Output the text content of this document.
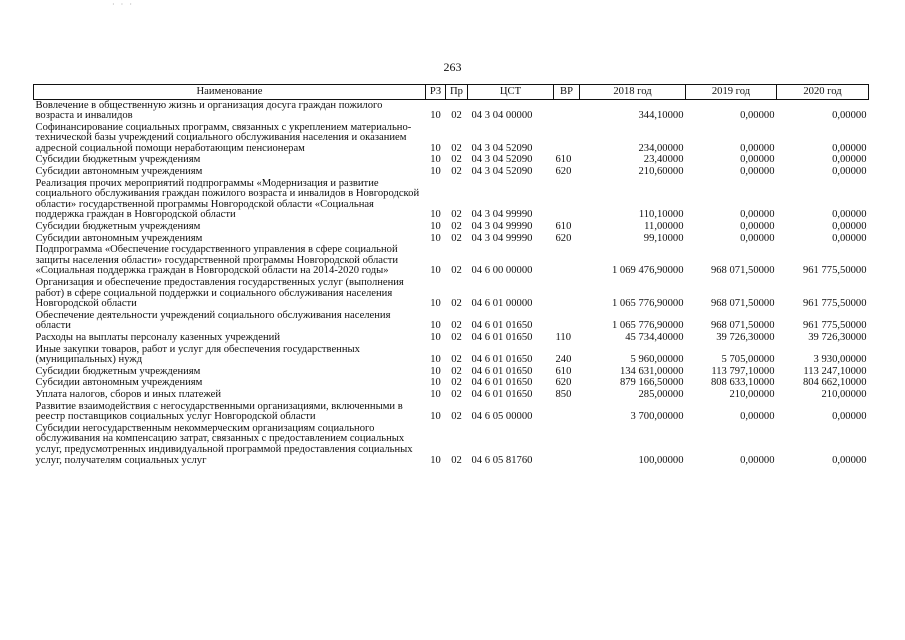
· · ·
263
Наименование	РЗ	Пр	ЦСТ	ВР	2018 год	2019 год	2020 год
Вовлечение в общественную жизнь и организация досуга граждан пожилого возраста и инвалидов	10	02	04 3 04 00000		344,10000	0,00000	0,00000
Софинансирование социальных программ, связанных с укреплением материально-технической базы учреждений социального обслуживания населения и оказанием адресной социальной помощи неработающим пенсионерам	10	02	04 3 04 52090		234,00000	0,00000	0,00000
Субсидии бюджетным учреждениям	10	02	04 3 04 52090	610	23,40000	0,00000	0,00000
Субсидии автономным учреждениям	10	02	04 3 04 52090	620	210,60000	0,00000	0,00000
Реализация прочих мероприятий подпрограммы «Модернизация и развитие социального обслуживания граждан пожилого возраста и инвалидов в Новгородской области» государственной программы Новгородской области «Социальная поддержка граждан в Новгородской области	10	02	04 3 04 99990		110,10000	0,00000	0,00000
Субсидии бюджетным учреждениям	10	02	04 3 04 99990	610	11,00000	0,00000	0,00000
Субсидии автономным учреждениям	10	02	04 3 04 99990	620	99,10000	0,00000	0,00000
Подпрограмма «Обеспечение государственного управления в сфере социальной защиты населения области» государственной программы Новгородской области «Социальная поддержка граждан в Новгородской области на 2014-2020 годы»	10	02	04 6 00 00000		1 069 476,90000	968 071,50000	961 775,50000
Организация и обеспечение предоставления государственных услуг (выполнения работ) в сфере социальной поддержки и социального обслуживания населения Новгородской области	10	02	04 6 01 00000		1 065 776,90000	968 071,50000	961 775,50000
Обеспечение деятельности учреждений социального обслуживания населения области	10	02	04 6 01 01650		1 065 776,90000	968 071,50000	961 775,50000
Расходы на выплаты персоналу казенных учреждений	10	02	04 6 01 01650	110	45 734,40000	39 726,30000	39 726,30000
Иные закупки товаров, работ и услуг для обеспечения государственных (муниципальных) нужд	10	02	04 6 01 01650	240	5 960,00000	5 705,00000	3 930,00000
Субсидии бюджетным учреждениям	10	02	04 6 01 01650	610	134 631,00000	113 797,10000	113 247,10000
Субсидии автономным учреждениям	10	02	04 6 01 01650	620	879 166,50000	808 633,10000	804 662,10000
Уплата налогов, сборов и иных платежей	10	02	04 6 01 01650	850	285,00000	210,00000	210,00000
Развитие взаимодействия с негосударственными организациями, включенными в реестр поставщиков социальных услуг Новгородской области	10	02	04 6 05 00000		3 700,00000	0,00000	0,00000
Субсидии негосударственным некоммерческим организациям социального обслуживания на компенсацию затрат, связанных с предоставлением социальных услуг, предусмотренных индивидуальной программой предоставления социальных услуг, получателям социальных услуг	10	02	04 6 05 81760		100,00000	0,00000	0,00000
